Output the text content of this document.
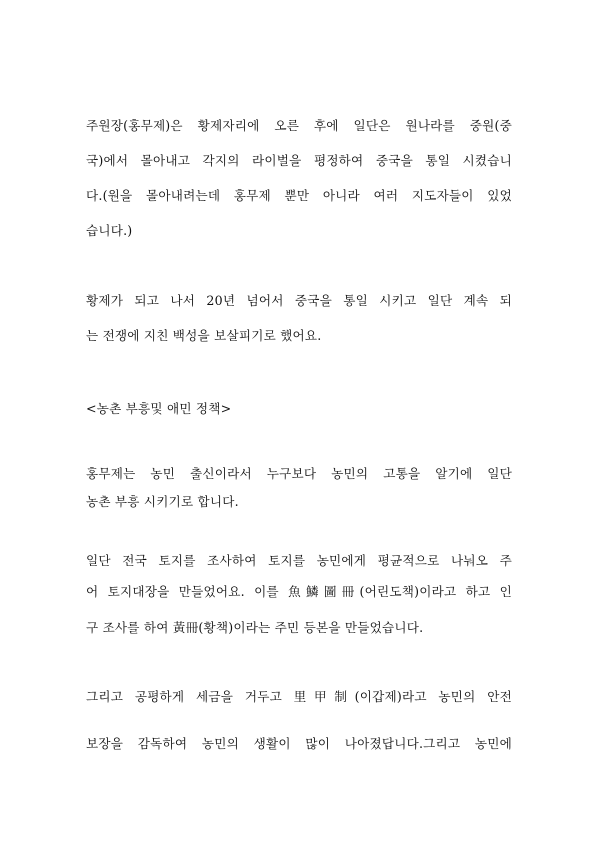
주원장(홍무제)은 황제자리에 오른 후에 일단은 원나라를 중원(중
국)에서 몰아내고 각지의 라이벌을 평정하여 중국을 통일 시켰습니
다.(원을 몰아내려는데 홍무제 뿐만 아니라 여러 지도자들이 있었
습니다.)
황제가 되고 나서 20년 넘어서 중국을 통일 시키고 일단 계속 되
는 전쟁에 지친 백성을 보살피기로 했어요.
<농촌 부흥및 애민 정책>
홍무제는 농민 출신이라서 누구보다 농민의 고통을 알기에 일단
농촌 부흥 시키기로 합니다.
일단 전국 토지를 조사하여 토지를 농민에게 평균적으로 나눠오 주
어 토지대장을 만들었어요. 이를 魚鱗圖冊(어린도책)이라고 하고 인
구 조사를 하여 黃冊(황책)이라는 주민 등본을 만들었습니다.
그리고 공평하게 세금을 거두고 里甲制(이갑제)라고 농민의 안전
보장을 감독하여 농민의 생활이 많이 나아졌답니다.그리고 농민에
